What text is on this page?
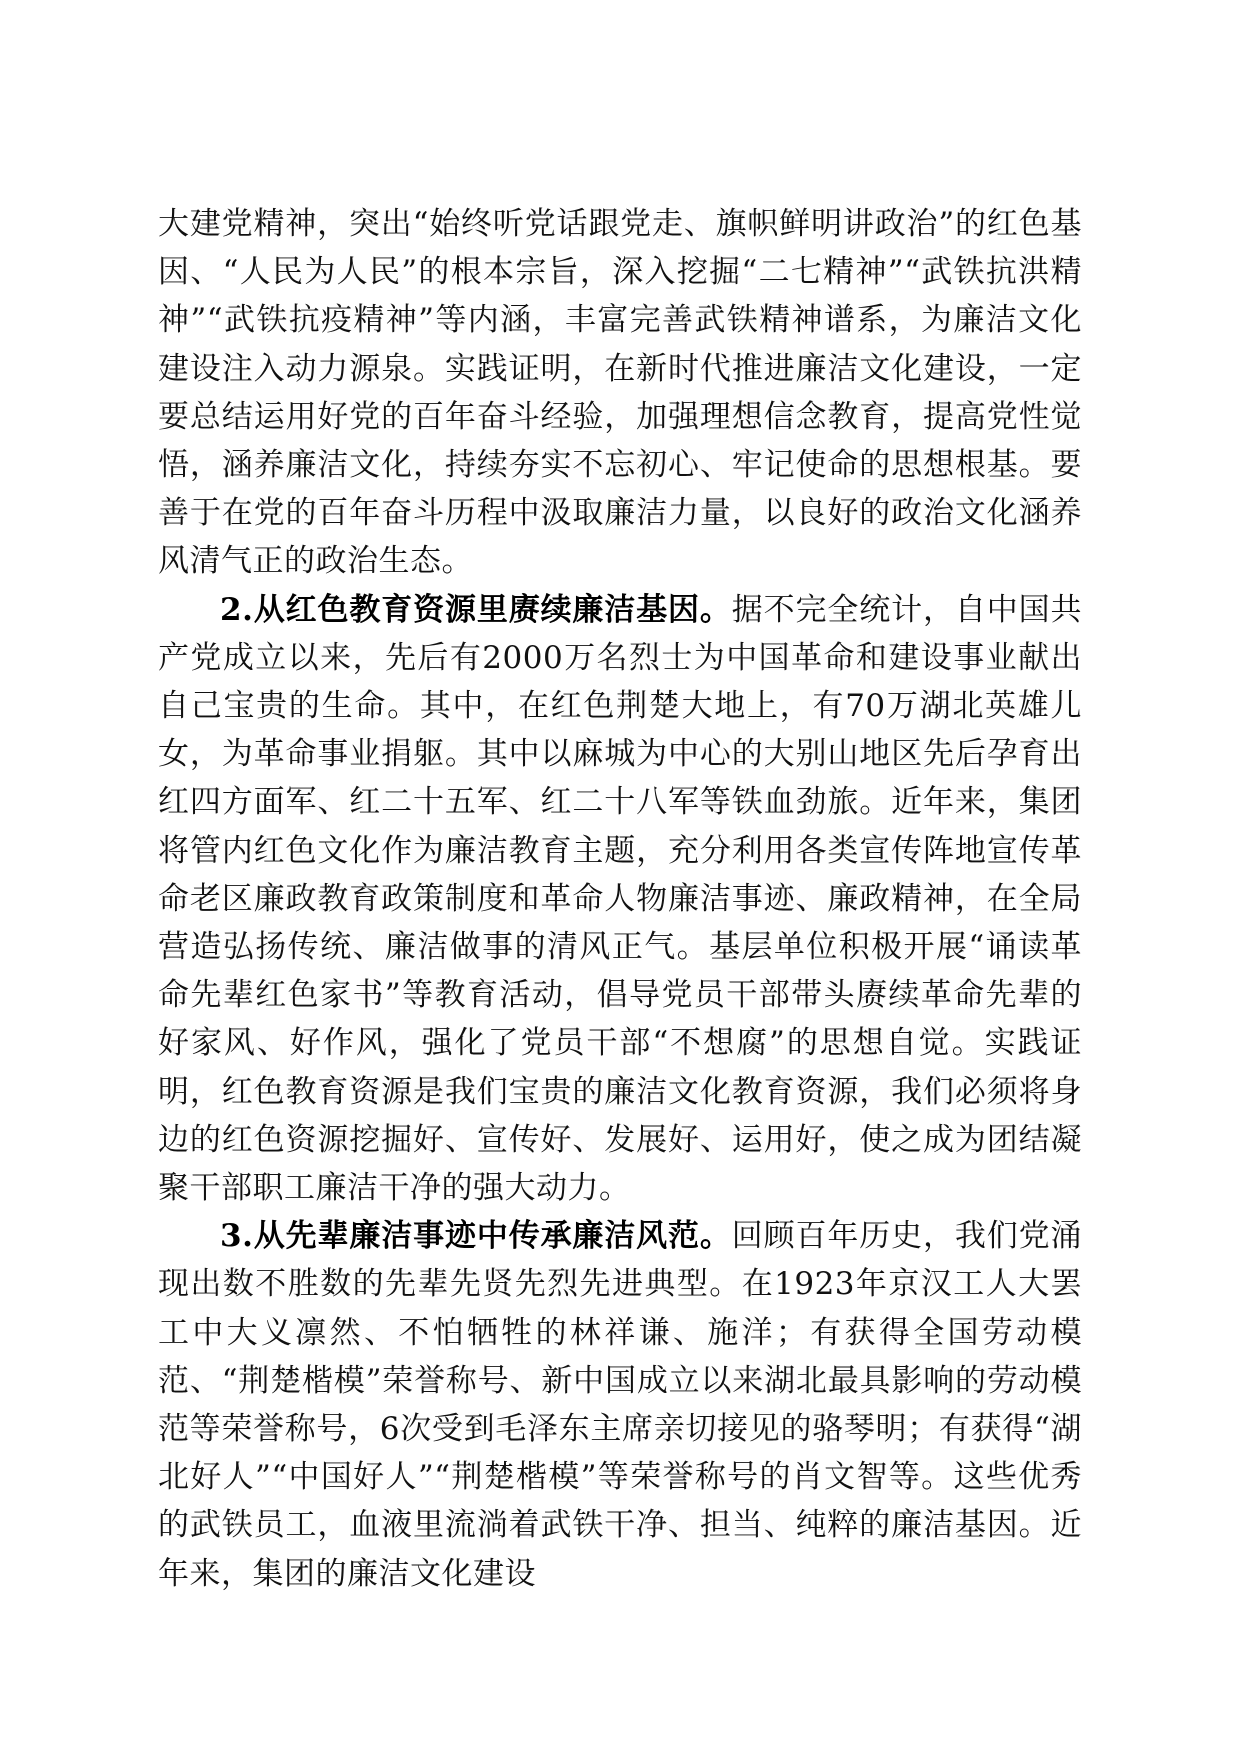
大建党精神，突出“始终听党话跟党走、旗帜鲜明讲政治”的红色基因、“人民为人民”的根本宗旨，深入挖掘“二七精神”“武铁抗洪精神”“武铁抗疫精神”等内涵，丰富完善武铁精神谱系，为廉洁文化建设注入动力源泉。实践证明，在新时代推进廉洁文化建设，一定要总结运用好党的百年奋斗经验，加强理想信念教育，提高党性觉悟，涵养廉洁文化，持续夯实不忘初心、牢记使命的思想根基。要善于在党的百年奋斗历程中汲取廉洁力量，以良好的政治文化涵养风清气正的政治生态。

2.从红色教育资源里赓续廉洁基因。据不完全统计，自中国共产党成立以来，先后有2000万名烈士为中国革命和建设事业献出自己宝贵的生命。其中，在红色荆楚大地上，有70万湖北英雄儿女，为革命事业捐躯。其中以麻城为中心的大别山地区先后孕育出红四方面军、红二十五军、红二十八军等铁血劲旅。近年来，集团将管内红色文化作为廉洁教育主题，充分利用各类宣传阵地宣传革命老区廉政教育政策制度和革命人物廉洁事迹、廉政精神，在全局营造弘扬传统、廉洁做事的清风正气。基层单位积极开展“诵读革命先辈红色家书”等教育活动，倡导党员干部带头赓续革命先辈的好家风、好作风，强化了党员干部“不想腐”的思想自觉。实践证明，红色教育资源是我们宝贵的廉洁文化教育资源，我们必须将身边的红色资源挖掘好、宣传好、发展好、运用好，使之成为团结凝聚干部职工廉洁干净的强大动力。

3.从先辈廉洁事迹中传承廉洁风范。回顾百年历史，我们党涌现出数不胜数的先辈先贤先烈先进典型。在1923年京汉工人大罢工中大义凛然、不怕牺牲的林祥谦、施洋；有获得全国劳动模范、“荆楚楷模”荣誉称号、新中国成立以来湖北最具影响的劳动模范等荣誉称号，6次受到毛泽东主席亲切接见的骆琴明；有获得“湖北好人”“中国好人”“荆楚楷模”等荣誉称号的肖文智等。这些优秀的武铁员工，血液里流淌着武铁干净、担当、纯粹的廉洁基因。近年来，集团的廉洁文化建设
